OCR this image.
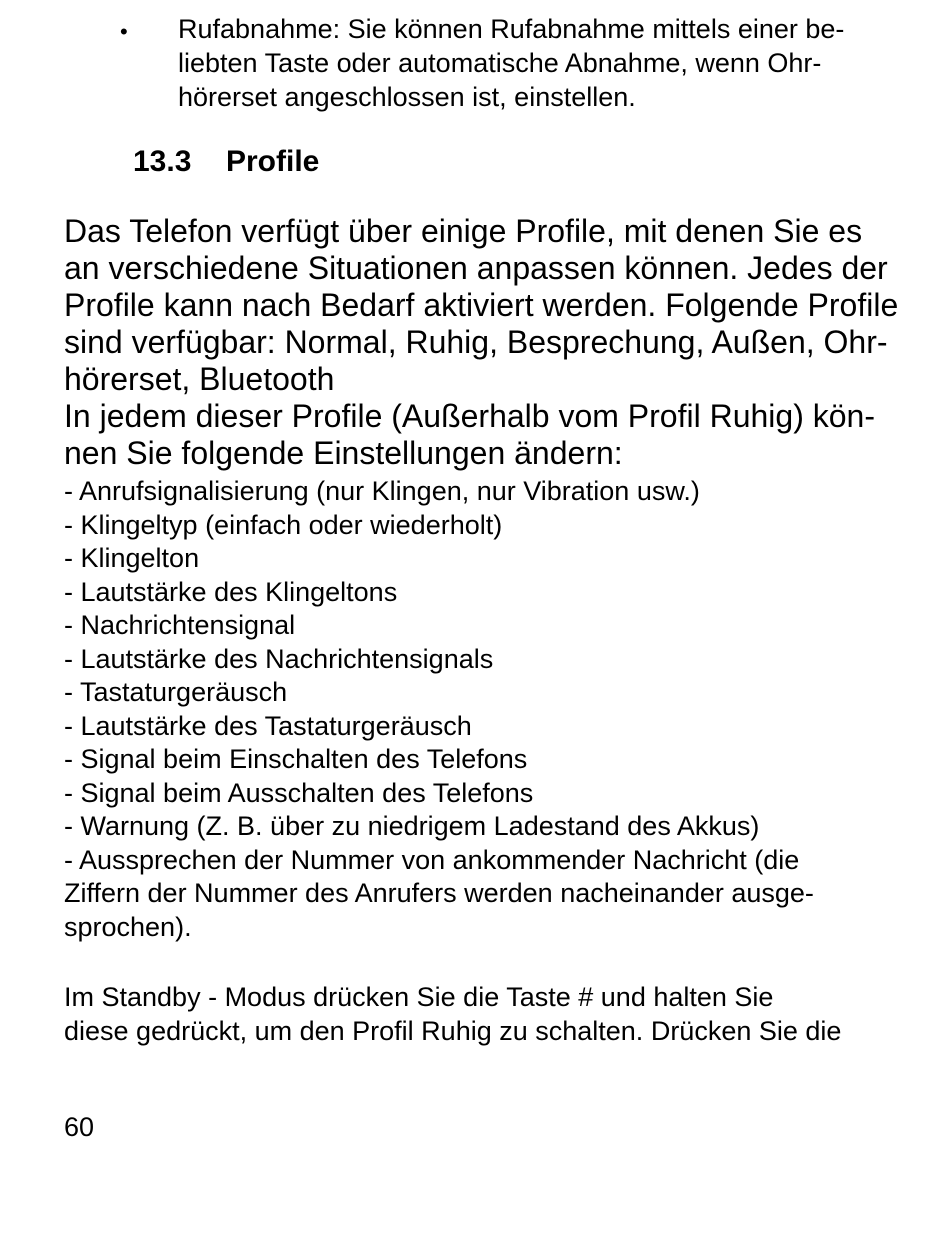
• Rufabnahme: Sie können Rufabnahme mittels einer be-
liebten Taste oder automatische Abnahme, wenn Ohr-
hörerset angeschlossen ist, einstellen.
13.3 Profile
Das Telefon verfügt über einige Profile, mit denen Sie es
an verschiedene Situationen anpassen können. Jedes der
Profile kann nach Bedarf aktiviert werden. Folgende Profile
sind verfügbar: Normal, Ruhig, Besprechung, Außen, Ohr-
hörerset, Bluetooth
In jedem dieser Profile (Außerhalb vom Profil Ruhig) kön-
nen Sie folgende Einstellungen ändern:
- Anrufsignalisierung (nur Klingen, nur Vibration usw.)
- Klingeltyp (einfach oder wiederholt)
- Klingelton
- Lautstärke des Klingeltons
- Nachrichtensignal
- Lautstärke des Nachrichtensignals
- Tastaturgeräusch
- Lautstärke des Tastaturgeräusch
- Signal beim Einschalten des Telefons
- Signal beim Ausschalten des Telefons
- Warnung (Z. B. über zu niedrigem Ladestand des Akkus)
- Aussprechen der Nummer von ankommender Nachricht (die
Ziffern der Nummer des Anrufers werden nacheinander ausge-
sprochen).
Im Standby - Modus drücken Sie die Taste # und halten Sie
diese gedrückt, um den Profil Ruhig zu schalten. Drücken Sie die
60
